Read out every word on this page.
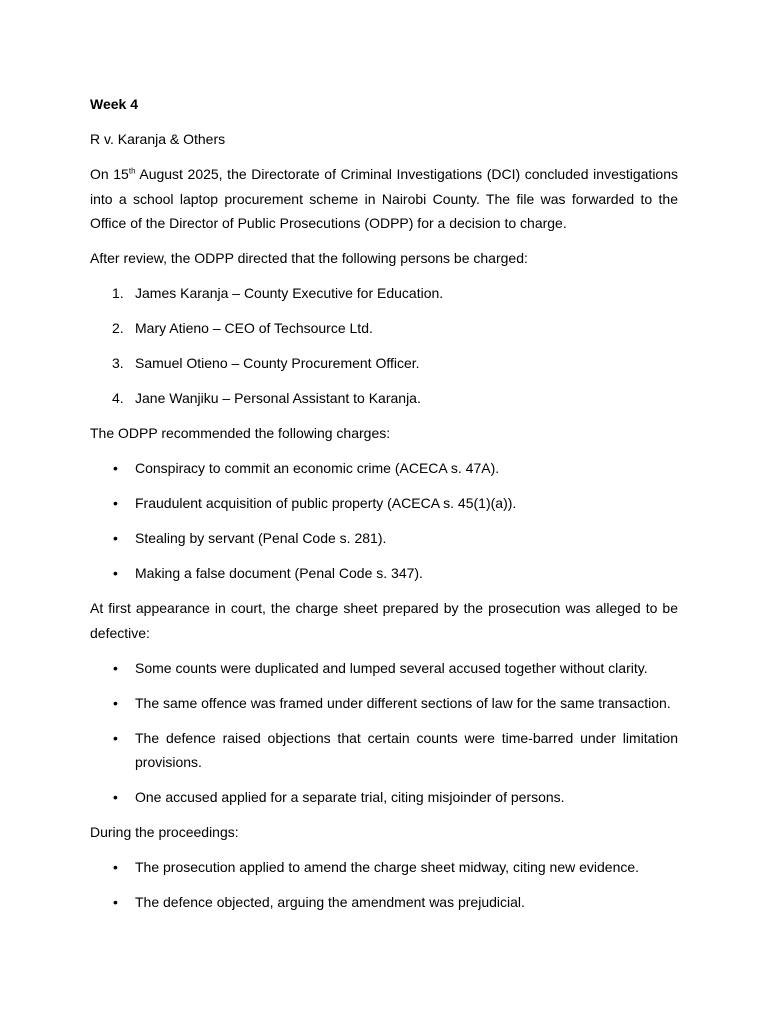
Week 4

R v. Karanja & Others

On 15th August 2025, the Directorate of Criminal Investigations (DCI) concluded investigations into a school laptop procurement scheme in Nairobi County. The file was forwarded to the Office of the Director of Public Prosecutions (ODPP) for a decision to charge.

After review, the ODPP directed that the following persons be charged:

1. James Karanja – County Executive for Education.
2. Mary Atieno – CEO of Techsource Ltd.
3. Samuel Otieno – County Procurement Officer.
4. Jane Wanjiku – Personal Assistant to Karanja.

The ODPP recommended the following charges:

• Conspiracy to commit an economic crime (ACECA s. 47A).
• Fraudulent acquisition of public property (ACECA s. 45(1)(a)).
• Stealing by servant (Penal Code s. 281).
• Making a false document (Penal Code s. 347).

At first appearance in court, the charge sheet prepared by the prosecution was alleged to be defective:

• Some counts were duplicated and lumped several accused together without clarity.
• The same offence was framed under different sections of law for the same transaction.
• The defence raised objections that certain counts were time-barred under limitation provisions.
• One accused applied for a separate trial, citing misjoinder of persons.

During the proceedings:

• The prosecution applied to amend the charge sheet midway, citing new evidence.
• The defence objected, arguing the amendment was prejudicial.
